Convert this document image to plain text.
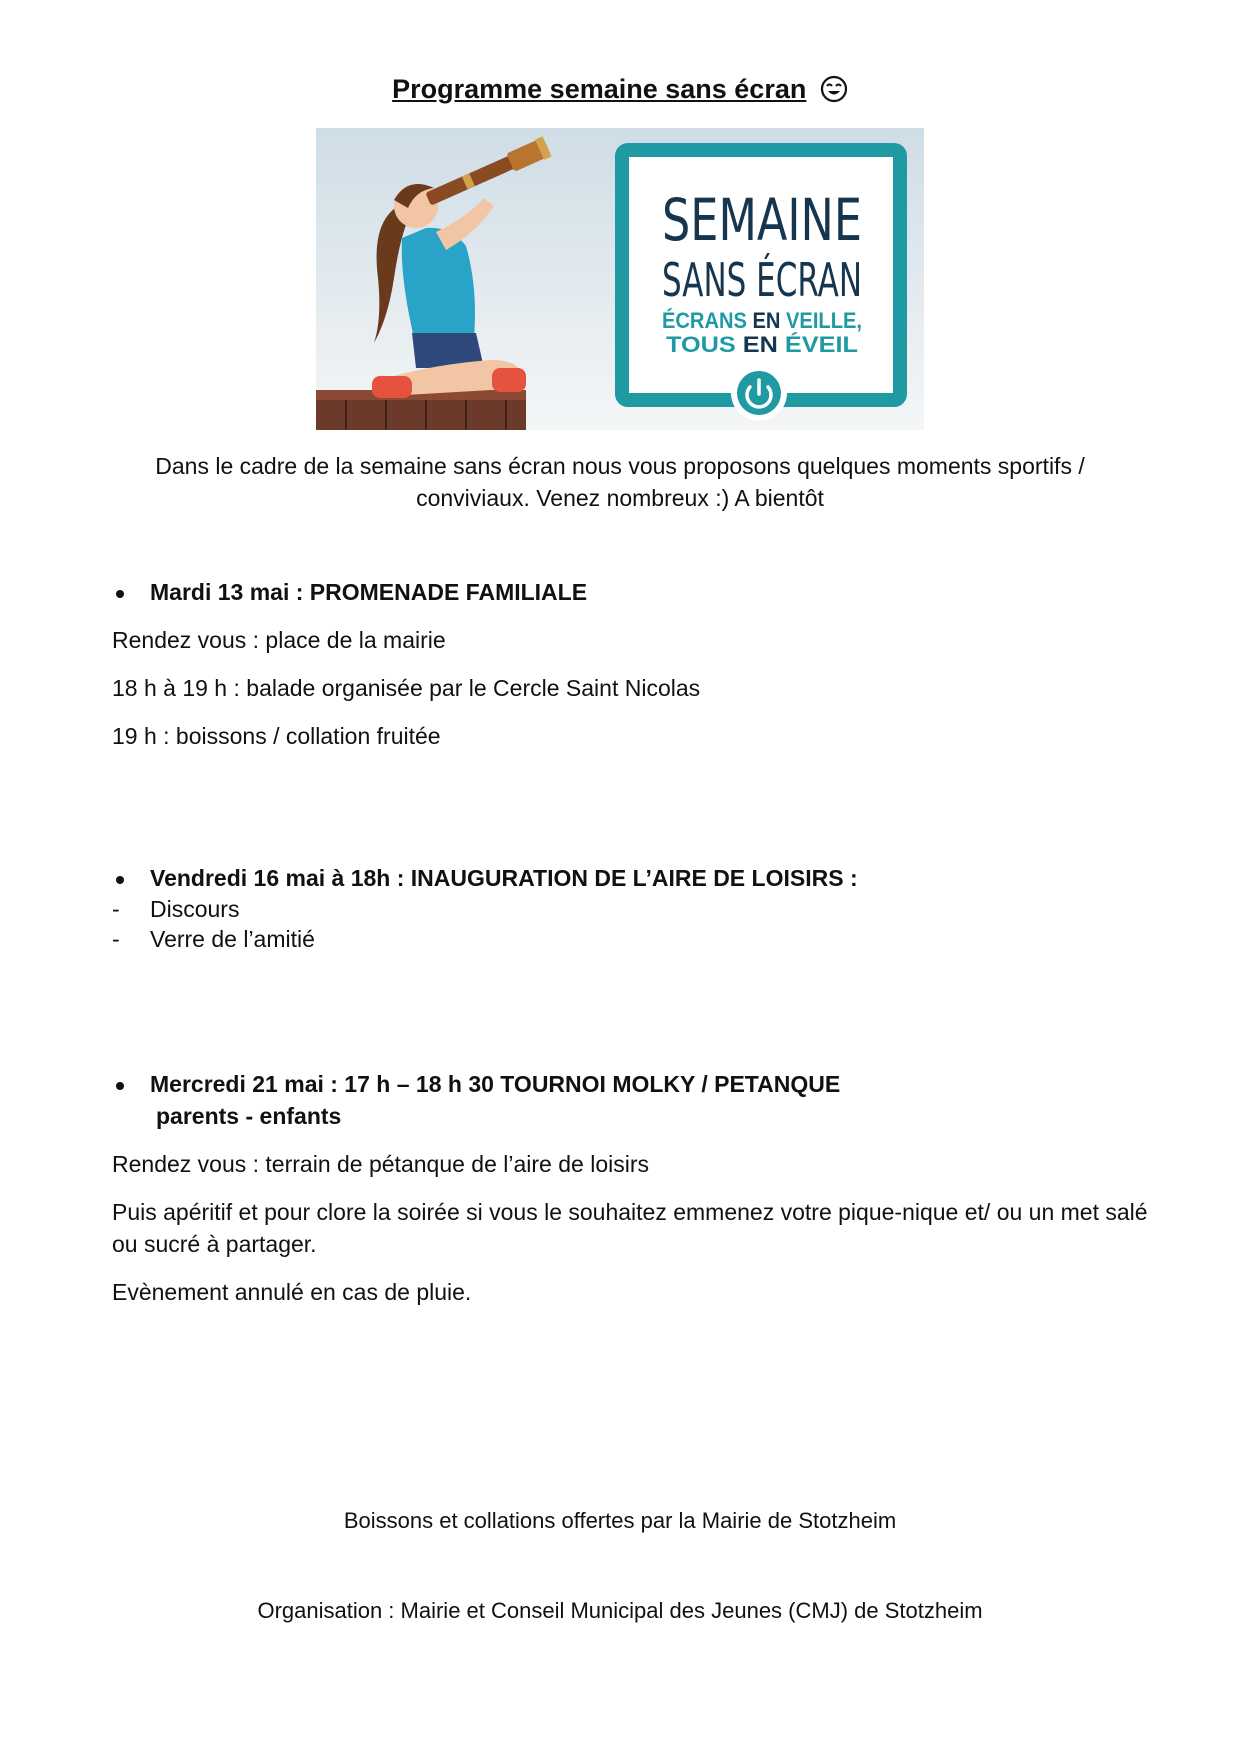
Programme semaine sans écran
SEMAINE
SANS ÉCRAN
ÉCRANS EN VEILLE,
TOUS EN ÉVEIL
Dans le cadre de la semaine sans écran nous vous proposons quelques moments sportifs / conviviaux. Venez nombreux :) A bientôt
Mardi 13 mai : PROMENADE FAMILIALE

Rendez vous : place de la mairie

18 h à 19 h : balade organisée par le Cercle Saint Nicolas

19 h : boissons / collation fruitée

Vendredi 16 mai à 18h : INAUGURATION DE L’AIRE DE LOISIRS :
- Discours
- Verre de l’amitié
Mercredi 21 mai : 17 h – 18 h 30 TOURNOI MOLKY / PETANQUE
parents - enfants

Rendez vous : terrain de pétanque de l’aire de loisirs

Puis apéritif et pour clore la soirée si vous le souhaitez emmenez votre pique-nique et/ ou un met salé ou sucré à partager.

Evènement annulé en cas de pluie.

Boissons et collations offertes par la Mairie de Stotzheim
Organisation : Mairie et Conseil Municipal des Jeunes (CMJ) de Stotzheim
